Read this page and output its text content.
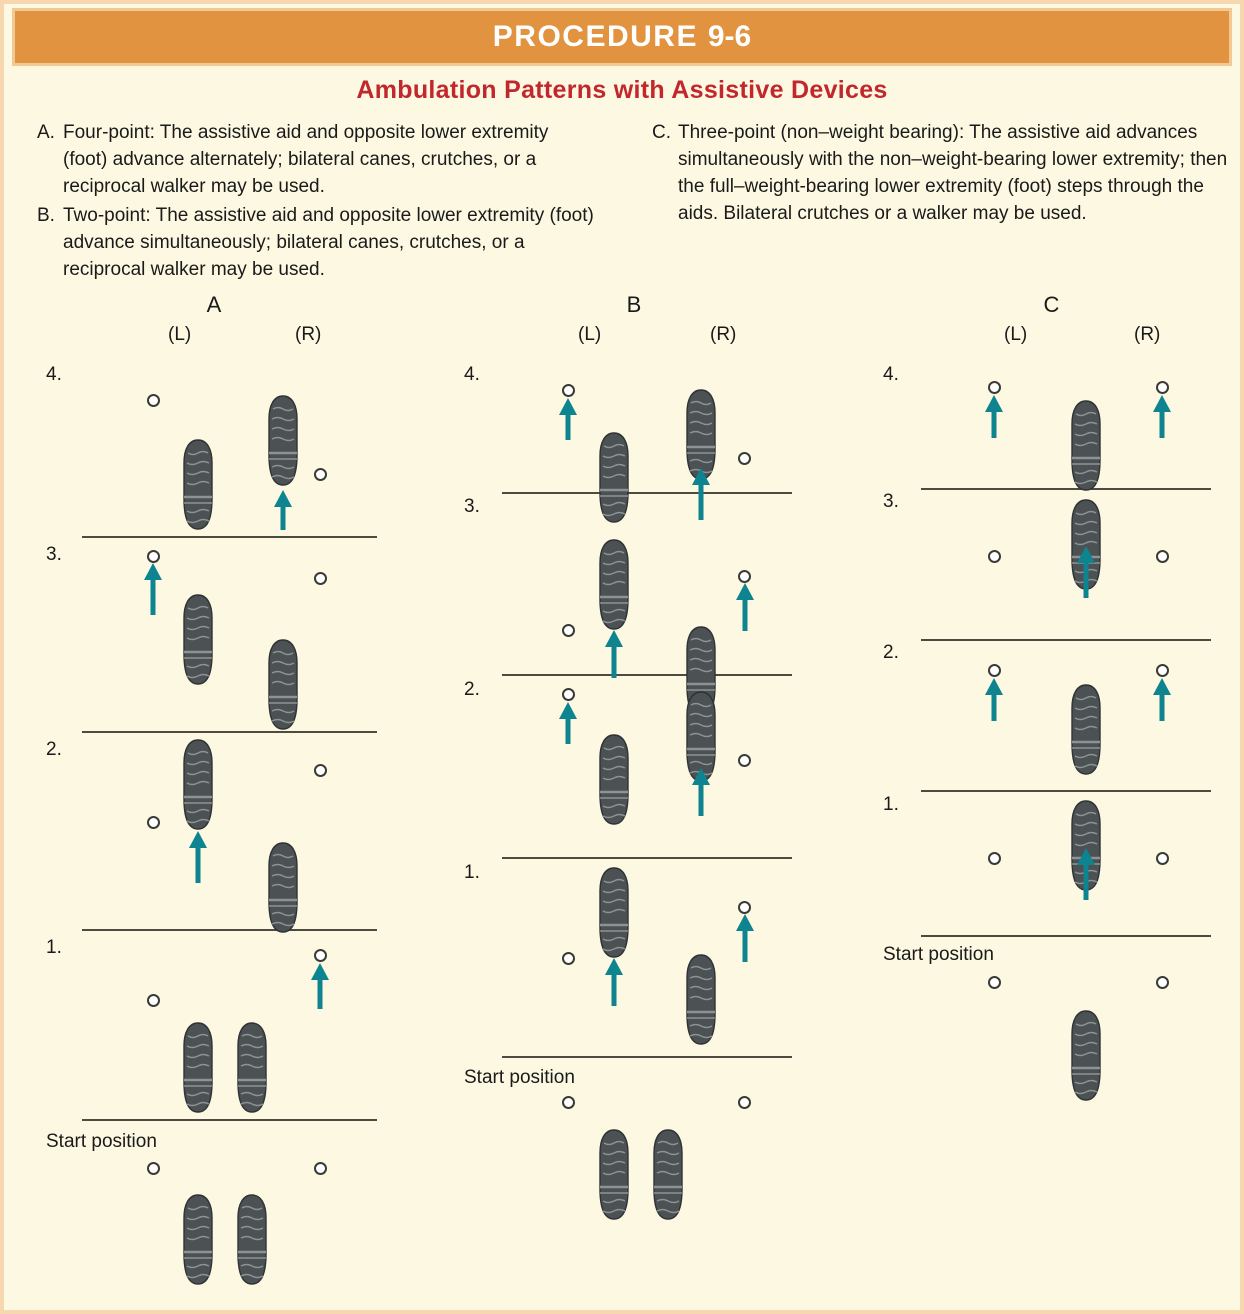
PROCEDURE 9-6
Ambulation Patterns with Assistive Devices
A. Four-point: The assistive aid and opposite lower extremity (foot) advance alternately; bilateral canes, crutches, or a reciprocal walker may be used.
B. Two-point: The assistive aid and opposite lower extremity (foot) advance simultaneously; bilateral canes, crutches, or a reciprocal walker may be used.
C. Three-point (non–weight bearing): The assistive aid advances simultaneously with the non–weight-bearing lower extremity; then the full–weight-bearing lower extremity (foot) steps through the aids. Bilateral crutches or a walker may be used.
A
(L)	(R)
4.
3.
2.
1.
Start position
B
(L)	(R)
4.
3.
2.
1.
Start position
C
(L)	(R)
4.
3.
2.
1.
Start position
